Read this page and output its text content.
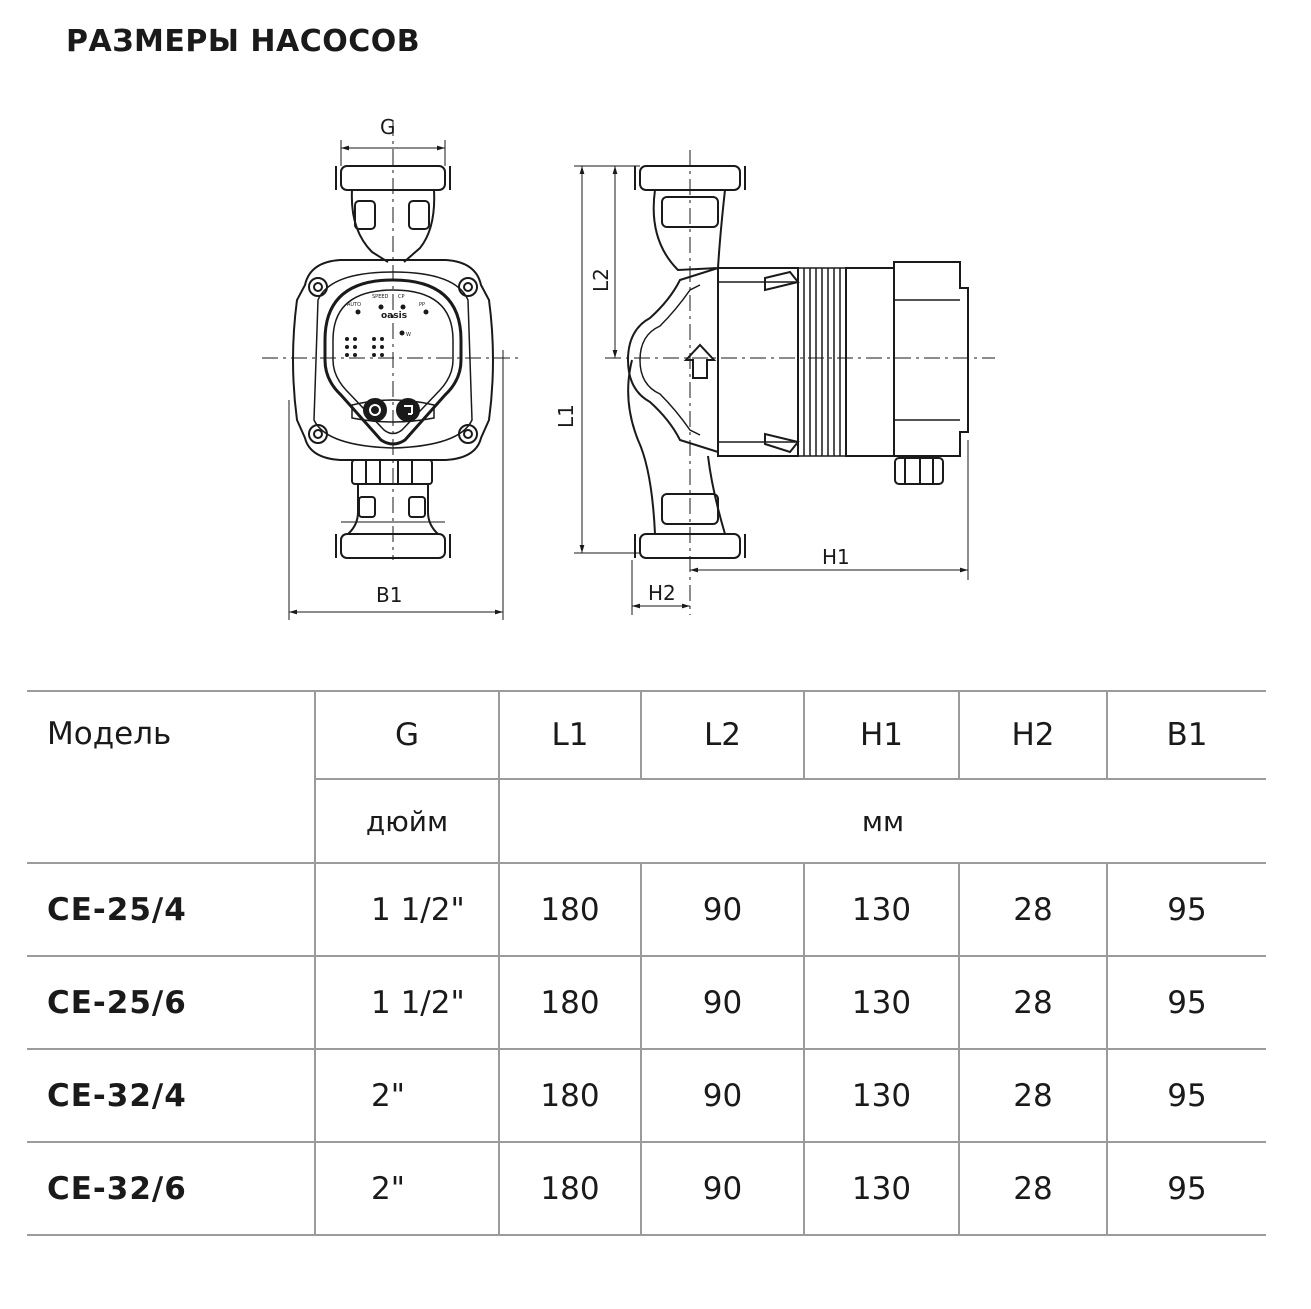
РАЗМЕРЫ НАСОСОВ
AUTO
SPEED CP
PP
oasis
W
G
B1
H1
H2
L1
L2
Модель	G	L1	L2	H1	H2	B1
	дюйм	мм				
CE-25/4	1 1/2"	180	90	130	28	95
CE-25/6	1 1/2"	180	90	130	28	95
CE-32/4	2"	180	90	130	28	95
CE-32/6	2"	180	90	130	28	95
